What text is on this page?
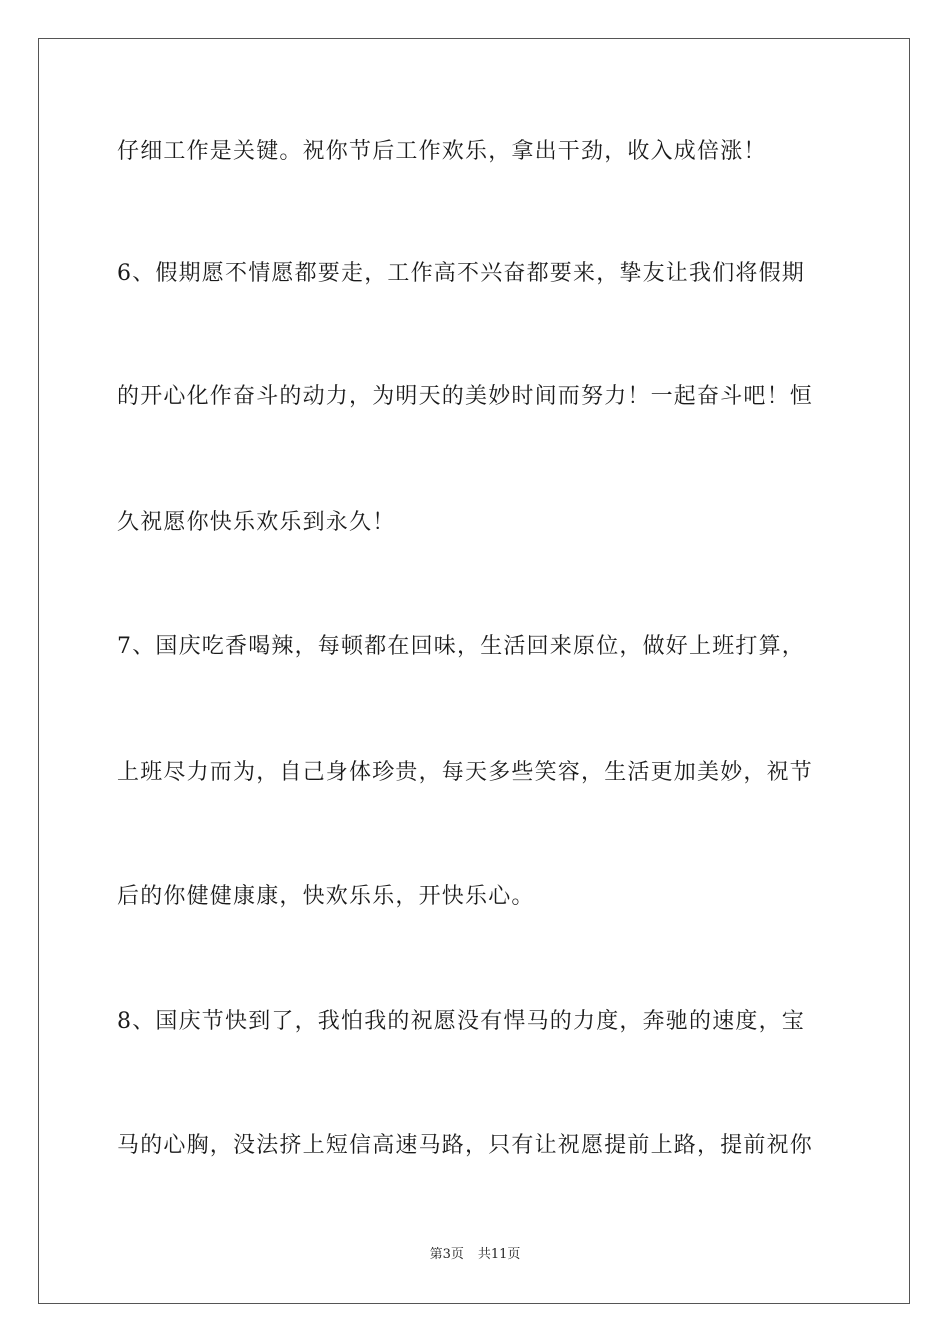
仔细工作是关键。祝你节后工作欢乐，拿出干劲，收入成倍涨！
6、假期愿不情愿都要走，工作高不兴奋都要来，挚友让我们将假期
的开心化作奋斗的动力，为明天的美妙时间而努力！一起奋斗吧！恒
久祝愿你快乐欢乐到永久！
7、国庆吃香喝辣，每顿都在回味，生活回来原位，做好上班打算，
上班尽力而为，自己身体珍贵，每天多些笑容，生活更加美妙，祝节
后的你健健康康，快欢乐乐，开快乐心。
8、国庆节快到了，我怕我的祝愿没有悍马的力度，奔驰的速度，宝
马的心胸，没法挤上短信高速马路，只有让祝愿提前上路，提前祝你
第3页 共11页
